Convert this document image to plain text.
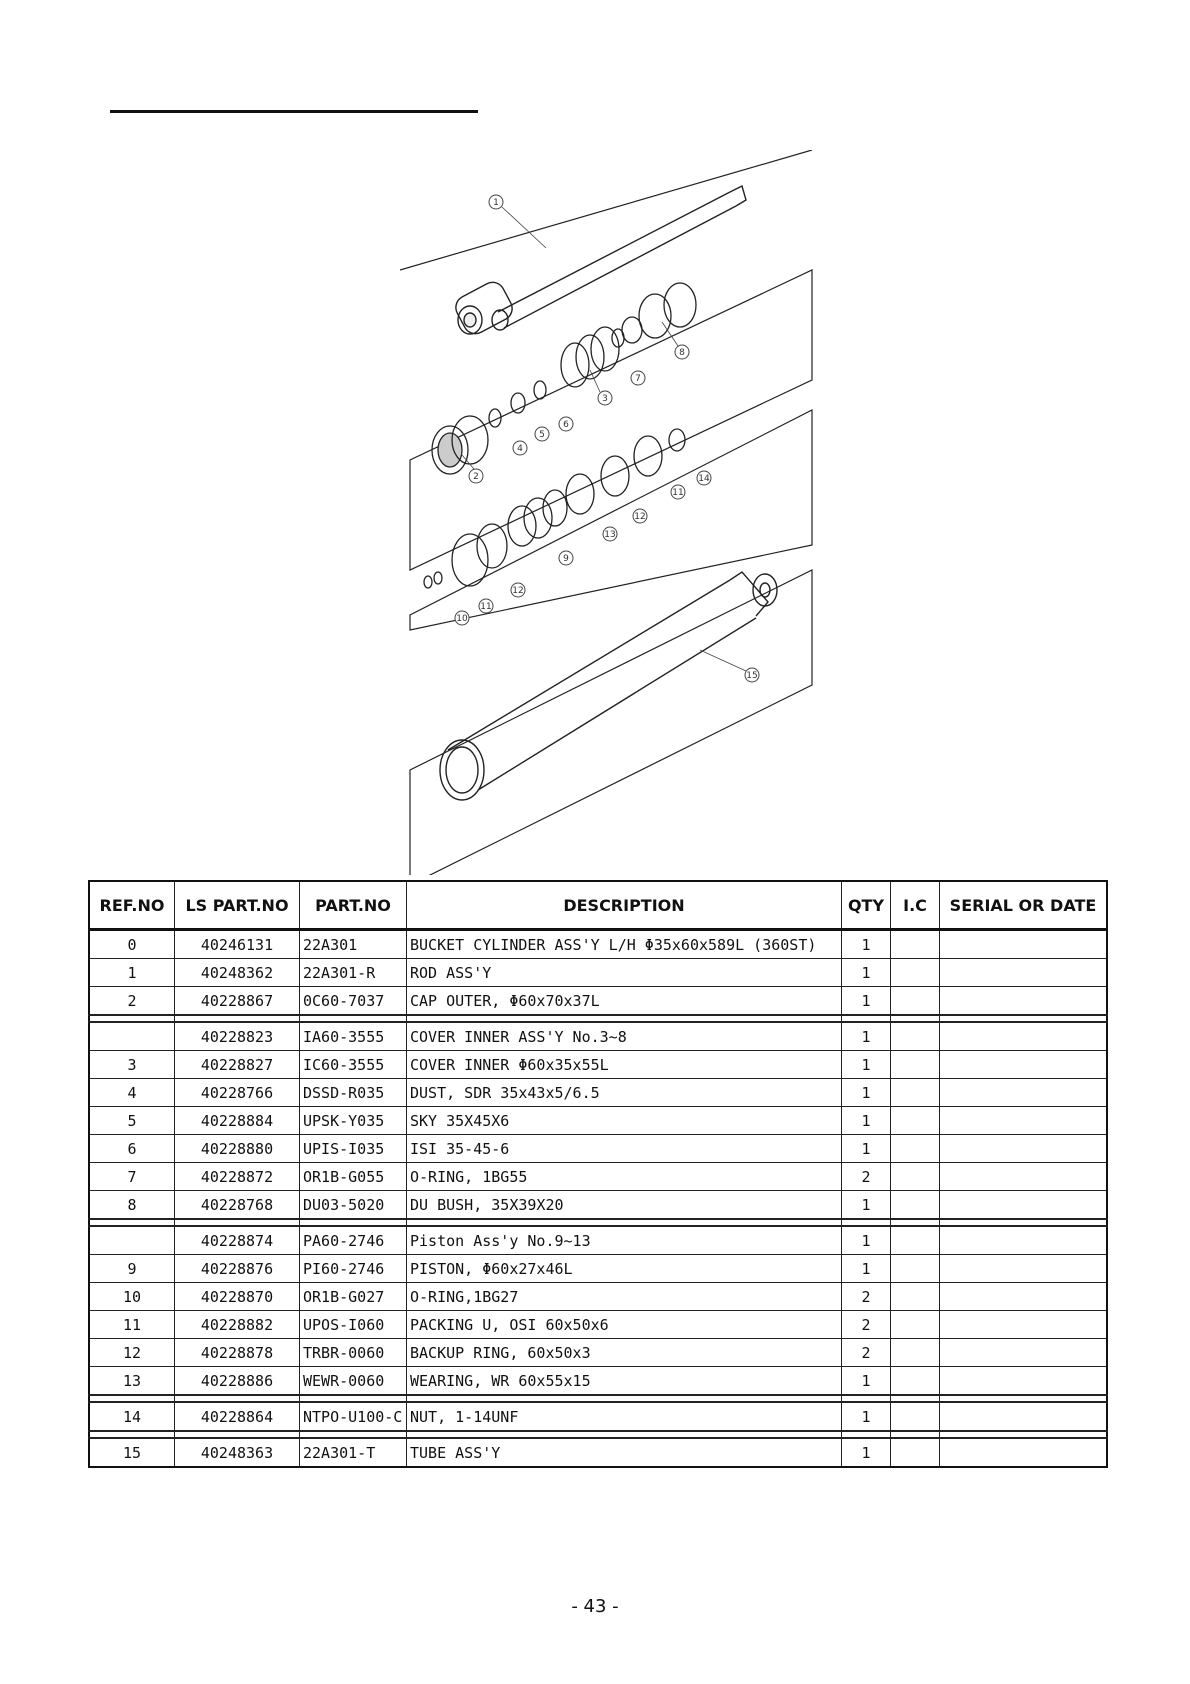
1
2
3
4
5
6
7
8
9
10
11
11
12
12
13
14
15
REF.NO	LS PART.NO	PART.NO	DESCRIPTION	QTY	I.C	SERIAL OR DATE
0	40246131	22A301	BUCKET CYLINDER ASS'Y L/H Φ35x60x589L (360ST)	1		
1	40248362	22A301-R	ROD ASS'Y	1		
2	40228867	0C60-7037	CAP OUTER, Φ60x70x37L	1		

	40228823	IA60-3555	COVER INNER ASS'Y No.3~8	1		
3	40228827	IC60-3555	COVER INNER Φ60x35x55L	1		
4	40228766	DSSD-R035	DUST, SDR 35x43x5/6.5	1		
5	40228884	UPSK-Y035	SKY 35X45X6	1		
6	40228880	UPIS-I035	ISI 35-45-6	1		
7	40228872	OR1B-G055	O-RING, 1BG55	2		
8	40228768	DU03-5020	DU BUSH, 35X39X20	1		

	40228874	PA60-2746	Piston Ass'y No.9~13	1		
9	40228876	PI60-2746	PISTON, Φ60x27x46L	1		
10	40228870	OR1B-G027	O-RING,1BG27	2		
11	40228882	UPOS-I060	PACKING U, OSI 60x50x6	2		
12	40228878	TRBR-0060	BACKUP RING, 60x50x3	2		
13	40228886	WEWR-0060	WEARING, WR 60x55x15	1		

14	40228864	NTPO-U100-C	NUT, 1-14UNF	1		

15	40248363	22A301-T	TUBE ASS'Y	1		
- 43 -
